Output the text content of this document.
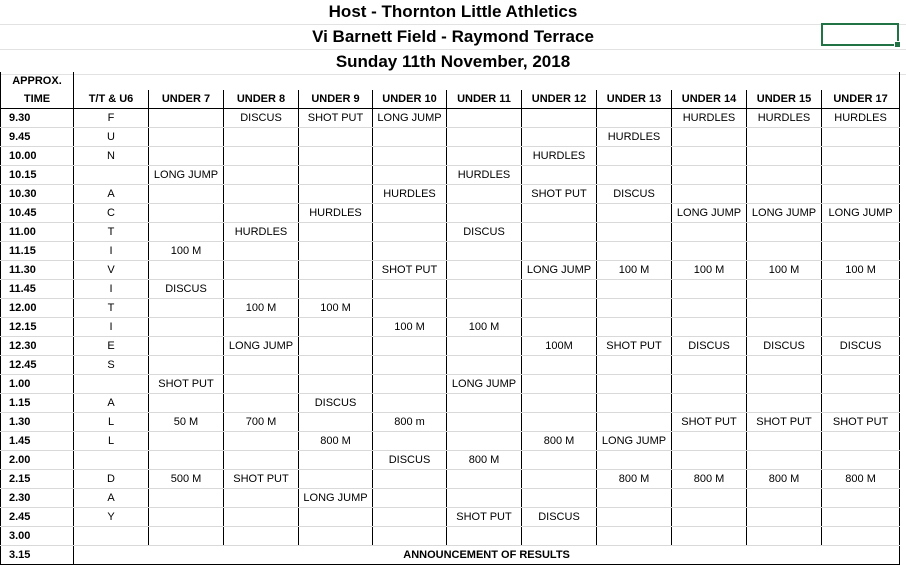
Host - Thornton Little Athletics
Vi Barnett Field - Raymond Terrace
Sunday 11th November, 2018
APPROX.											
TIME	T/T & U6	UNDER 7	UNDER 8	UNDER 9	UNDER 10	UNDER 11	UNDER 12	UNDER 13	UNDER 14	UNDER 15	UNDER 17
9.30	F		DISCUS	SHOT PUT	LONG JUMP				HURDLES	HURDLES	HURDLES
9.45	U							HURDLES			
10.00	N						HURDLES				
10.15		LONG JUMP				HURDLES					
10.30	A				HURDLES		SHOT PUT	DISCUS			
10.45	C			HURDLES					LONG JUMP	LONG JUMP	LONG JUMP
11.00	T		HURDLES			DISCUS					
11.15	I	100 M									
11.30	V				SHOT PUT		LONG JUMP	100 M	100 M	100 M	100 M
11.45	I	DISCUS									
12.00	T		100 M	100 M							
12.15	I				100 M	100 M					
12.30	E		LONG JUMP				100M	SHOT PUT	DISCUS	DISCUS	DISCUS
12.45	S										
1.00		SHOT PUT				LONG JUMP					
1.15	A			DISCUS							
1.30	L	50 M	700 M		800 m				SHOT PUT	SHOT PUT	SHOT PUT
1.45	L			800 M			800 M	LONG JUMP			
2.00					DISCUS	800 M					
2.15	D	500 M	SHOT PUT					800 M	800 M	800 M	800 M
2.30	A			LONG JUMP							
2.45	Y					SHOT PUT	DISCUS				
3.00											
3.15	ANNOUNCEMENT OF RESULTS										
